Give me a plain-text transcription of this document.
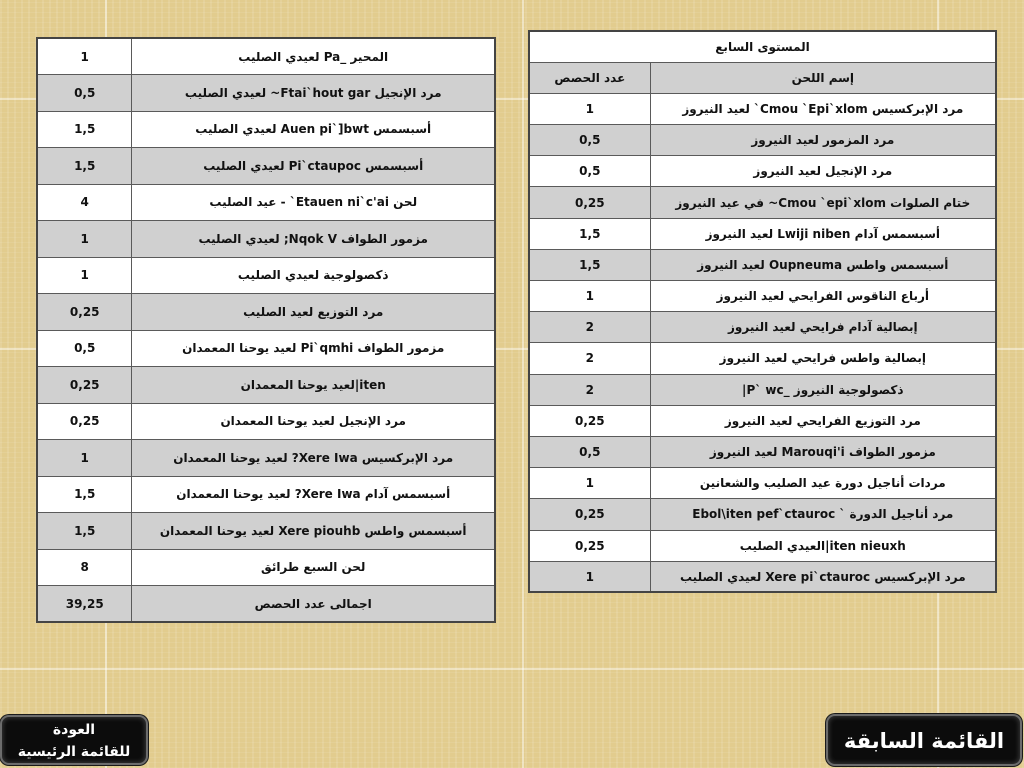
المحير _Pa لعيدي الصليب	1
مرد الإنجيل Ftai`hout gar~ لعيدي الصليب	0,5
أسبسمس Auen pi`]bwt لعيدي الصليب	1,5
أسبسمس Pi`ctaupoc لعيدي الصليب	1,5
لحن Etauen ni`c'ai` - عيد الصليب	4
مزمور الطواف Nqok V; لعيدي الصليب	1
ذكصولوجية لعيدي الصليب	1
مرد التوزيع لعيد الصليب	0,25
مزمور الطواف Pi`qmhi لعيد يوحنا المعمدان	0,5
iten|لعيد يوحنا المعمدان	0,25
مرد الإنجيل لعيد يوحنا المعمدان	0,25
مرد الإبركسيس Xere Iwa? لعيد يوحنا المعمدان	1
أسبسمس آدام Xere Iwa? لعيد يوحنا المعمدان	1,5
أسبسمس واطس Xere piouhb لعيد يوحنا المعمدان	1,5
لحن السبع طرائق	8
اجمالى عدد الحصص	39,25
المستوى السابع	
إسم اللحن	عدد الحصص
مرد الإبركسيس Cmou `Epi`xlom` لعيد النيروز	1
مرد المزمور لعيد النيروز	0,5
مرد الإنجيل لعيد النيروز	0,5
ختام الصلوات Cmou `epi`xlom~ في عيد النيروز	0,25
أسبسمس آدام Lwiji niben لعيد النيروز	1,5
أسبسمس واطس Oupneuma لعيد النيروز	1,5
أرباع الناقوس الفرايحي لعيد النيروز	1
إبصالية آدام فرايحي لعيد النيروز	2
إبصالية واطس فرايحي لعيد النيروز	2
ذكصولوجية النيروز _P` wc|	2
مرد التوزيع الفرايحي لعيد النيروز	0,25
مزمور الطواف Marouqi'i لعيد النيروز	0,5
مردات أناجيل دورة عيد الصليب والشعانين	1
مرد أناجيل الدورة ` Ebol\iten pef`ctauroc	0,25
iten nieuxh|العيدي الصليب	0,25
مرد الإبركسيس Xere pi`ctauroc لعيدي الصليب	1
العودة
للقائمة الرئيسية	القائمة السابقة
